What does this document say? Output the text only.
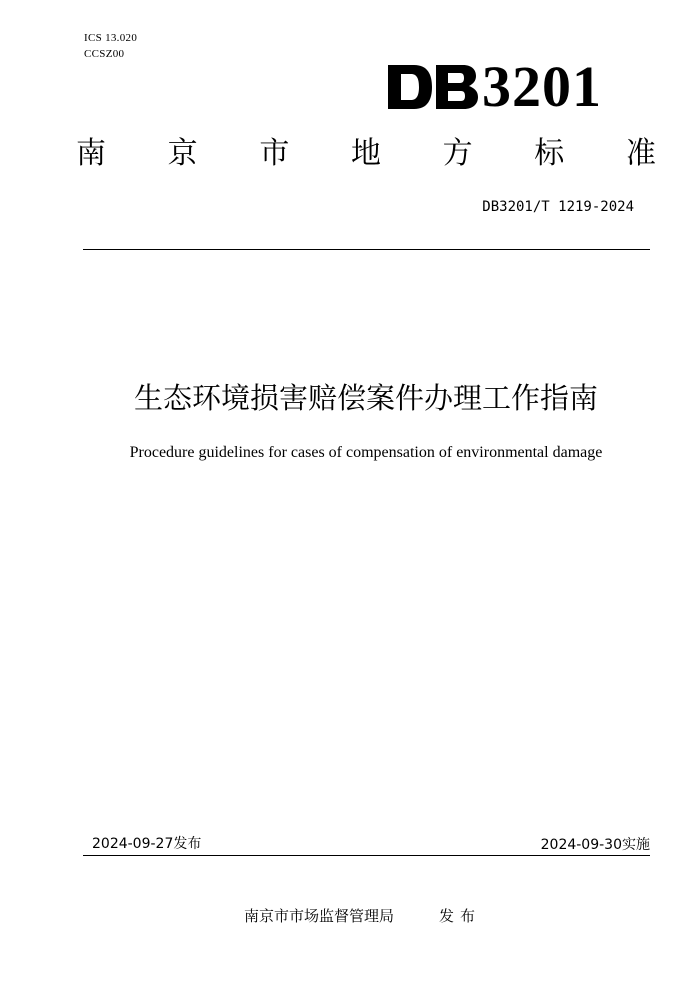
ICS 13.020
CCSZ00	3201
南 京 市 地 方 标 准
DB3201/T 1219-2024
生态环境损害赔偿案件办理工作指南
Procedure guidelines for cases of compensation of environmental damage
2024-09-27发布	2024-09-30实施
南京市市场监督管理局	发布
